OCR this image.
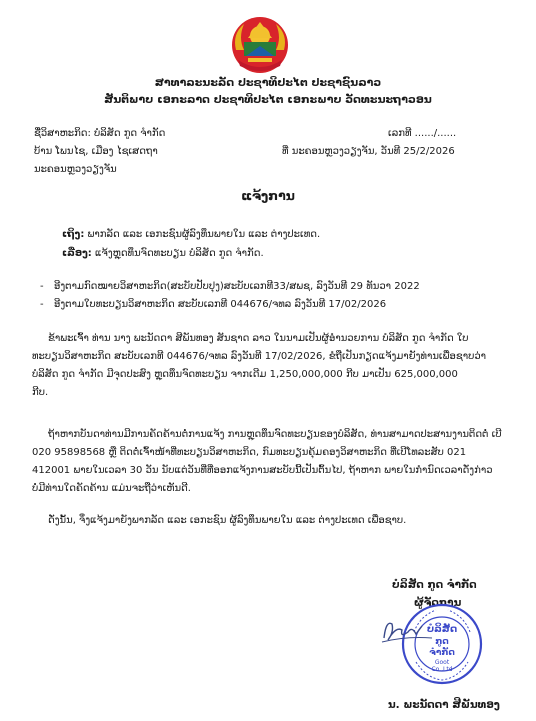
ສາທາລະນະລັດ ປະຊາທິປະໄຕ ປະຊາຊົນລາວ
ສັນຕິພາບ ເອກະລາດ ປະຊາທິປະໄຕ ເອກະພາບ ວັດທະນະຖາວອນ
ຊື່ວິສາຫະກິດ: ບໍລິສັດ ກູດ ຈຳກັດ
ບ້ານ ໂພນໄຊ, ເມືອງ ໄຊເສດຖາ
ນະຄອນຫຼວງວຽງຈັນ
ເລກທີ ....../......
ທີ່ ນະຄອນຫຼວງວຽງຈັນ, ວັນທີ 25/2/2026
ແຈ້ງການ
ເຖິງ: ພາກລັດ ແລະ ເອກະຊົນຜູ້ລົງທຶນພາຍໃນ ແລະ ຕ່າງປະເທດ.
ເລື່ອງ: ແຈ້ງຫຼຸດທຶນຈົດທະບຽນ ບໍລິສັດ ກູດ ຈຳກັດ.
- ອີງຕາມກົດໝາຍວິສາຫະກິດ(ສະບັບປັບປຸງ)ສະບັບເລກທີ33/ສພຊ, ລົງວັນທີ 29 ທັນວາ 2022
- ອີງຕາມໃບທະບຽນວິສາຫະກິດ ສະບັບເລກທີ 044676/ຈທລ ລົງວັນທີ 17/02/2026
ຂ້າພະເຈົ້າ ທ່ານ ນາງ ພະນັດດາ ສີພັນທອງ ສັນຊາດ ລາວ ໃນນາມເປັນຜູ້ອຳນວຍການ ບໍລິສັດ ກູດ ຈຳກັດ ໃບ
ທະບຽນວິສາຫະກິດ ສະບັບເລກທີ 044676/ຈທລ ລົງວັນທີ 17/02/2026, ຂໍຖືເປັນກຽດແຈ້ງມາຍັງທ່ານເພື່ອຊາບວ່າ
ບໍລິສັດ ກູດ ຈຳກັດ ມີຈຸດປະສົງ ຫຼຸດທຶນຈົດທະບຽນ ຈາກເດີມ 1,250,000,000 ກີບ ມາເປັນ 625,000,000
ກີບ.
ຖ້າຫາກບັນດາທ່ານມີການຄັດຄ້ານຕໍ່ການແຈ້ງ ການຫຼຸດທຶນຈົດທະບຽນຂອງບໍລິສັດ, ທ່ານສາມາດປະສານງານຕິດຕໍ່ ເບີ
020 95898568 ຫຼື ຕິດຕໍ່ເຈົ້າໜ້າທີ່ທະບຽນວິສາຫະກິດ, ກົມທະບຽນຄຸ້ມຄອງວິສາຫະກິດ ທີ່ເບີໂທລະສັບ 021
412001 ພາຍໃນເວລາ 30 ວັນ ນັບແຕ່ວັນທີ່ທີ່ອອກແຈ້ງການສະບັບນີ້ເປັນຕົ້ນໄປ, ຖ້າຫາກ ພາຍໃນກຳນົດເວລາດັ່ງກ່າວ
ບໍ່ມີທ່ານໃດຄັດຄ້ານ ແມ່ນຈະຖືວ່າເຫັນດີ.
ດັ່ງນັ້ນ, ຈຶ່ງແຈ້ງມາຍັງພາກລັດ ແລະ ເອກະຊົນ ຜູ້ລົງທຶນພາຍໃນ ແລະ ຕ່າງປະເທດ ເພື່ອຊາບ.
ບໍລິສັດ ກູດ ຈຳກັດ
ຜູ້ຈັດການ
ບໍລິສັດ
ກູດ
ຈຳກັດ
Goot
Co.,Ltd
ນ. ພະນັດດາ ສີພັນທອງ
